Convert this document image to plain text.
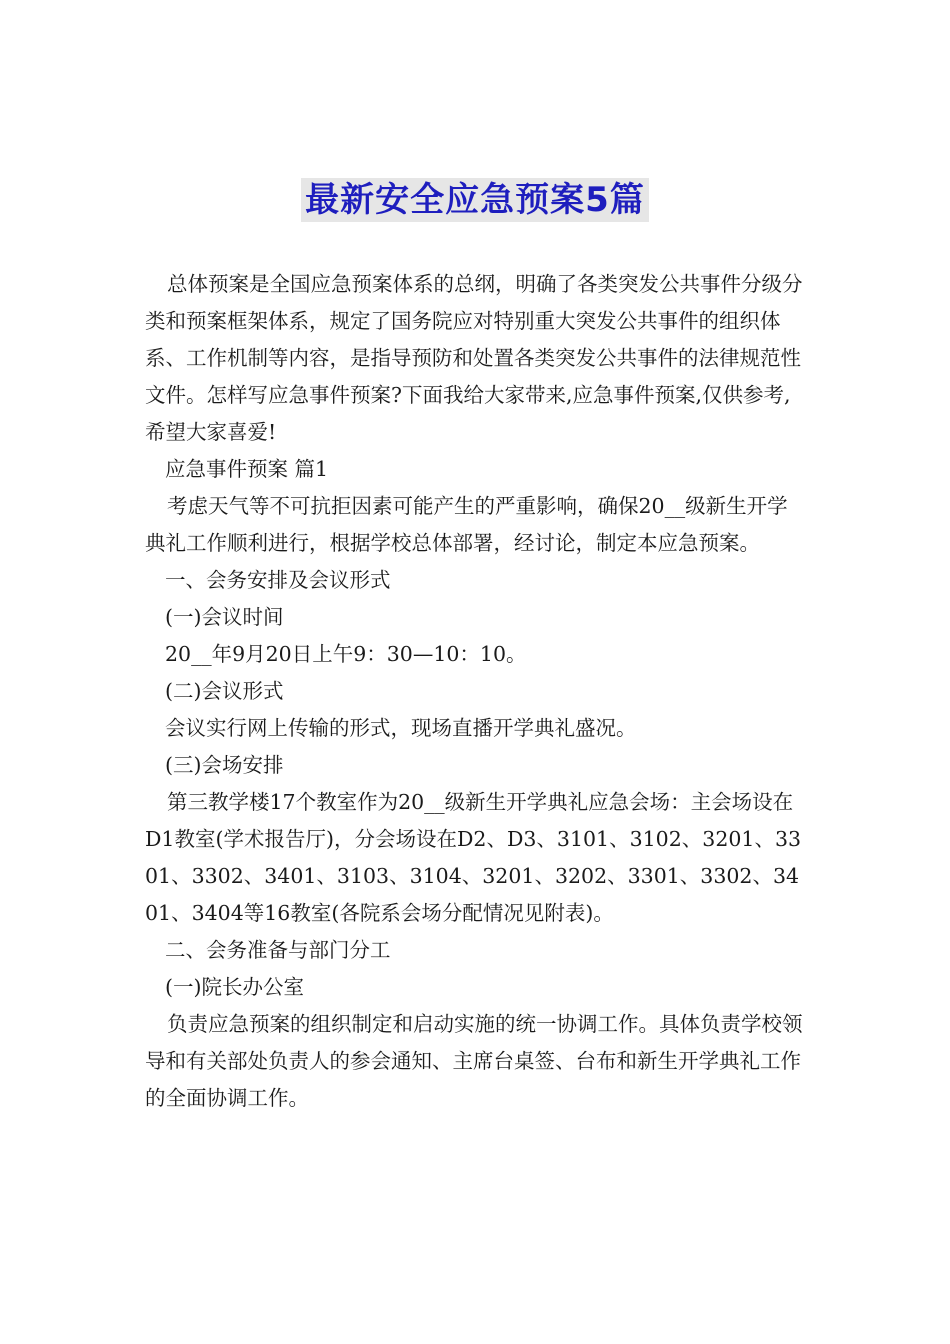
最新安全应急预案5篇

总体预案是全国应急预案体系的总纲，明确了各类突发公共事件分级分类和预案框架体系，规定了国务院应对特别重大突发公共事件的组织体系、工作机制等内容，是指导预防和处置各类突发公共事件的法律规范性文件。怎样写应急事件预案?下面我给大家带来,应急事件预案,仅供参考,希望大家喜爱!

应急事件预案 篇1

考虑天气等不可抗拒因素可能产生的严重影响，确保20__级新生开学典礼工作顺利进行，根据学校总体部署，经讨论，制定本应急预案。

一、会务安排及会议形式

(一)会议时间

20__年9月20日上午9：30—10：10。

(二)会议形式

会议实行网上传输的形式，现场直播开学典礼盛况。

(三)会场安排

第三教学楼17个教室作为20__级新生开学典礼应急会场：主会场设在D1教室(学术报告厅)，分会场设在D2、D3、3101、3102、3201、3301、3302、3401、3103、3104、3201、3202、3301、3302、3401、3404等16教室(各院系会场分配情况见附表)。

二、会务准备与部门分工

(一)院长办公室

负责应急预案的组织制定和启动实施的统一协调工作。具体负责学校领导和有关部处负责人的参会通知、主席台桌签、台布和新生开学典礼工作的全面协调工作。
